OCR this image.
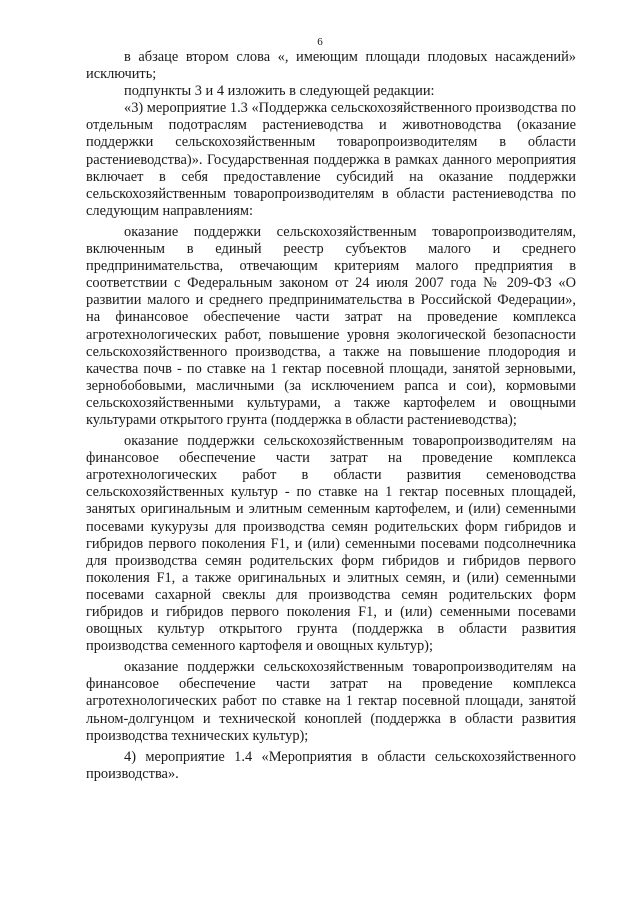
6

в абзаце втором слова «, имеющим площади плодовых насаждений» исключить;

подпункты 3 и 4 изложить в следующей редакции:

«3) мероприятие 1.3 «Поддержка сельскохозяйственного производства по отдельным подотраслям растениеводства и животноводства (оказание поддержки сельскохозяйственным товаропроизводителям в области растениеводства)». Государственная поддержка в рамках данного мероприятия включает в себя предоставление субсидий на оказание поддержки сельскохозяйственным товаропроизводителям в области растениеводства по следующим направлениям:

оказание поддержки сельскохозяйственным товаропроизводителям, включенным в единый реестр субъектов малого и среднего предпринимательства, отвечающим критериям малого предприятия в соответствии с Федеральным законом от 24 июля 2007 года № 209-ФЗ «О развитии малого и среднего предпринимательства в Российской Федерации», на финансовое обеспечение части затрат на проведение комплекса агротехнологических работ, повышение уровня экологической безопасности сельскохозяйственного производства, а также на повышение плодородия и качества почв - по ставке на 1 гектар посевной площади, занятой зерновыми, зернобобовыми, масличными (за исключением рапса и сои), кормовыми сельскохозяйственными культурами, а также картофелем и овощными культурами открытого грунта (поддержка в области растениеводства);

оказание поддержки сельскохозяйственным товаропроизводителям на финансовое обеспечение части затрат на проведение комплекса агротехнологических работ в области развития семеноводства сельскохозяйственных культур - по ставке на 1 гектар посевных площадей, занятых оригинальным и элитным семенным картофелем, и (или) семенными посевами кукурузы для производства семян родительских форм гибридов и гибридов первого поколения F1, и (или) семенными посевами подсолнечника для производства семян родительских форм гибридов и гибридов первого поколения F1, а также оригинальных и элитных семян, и (или) семенными посевами сахарной свеклы для производства семян родительских форм гибридов и гибридов первого поколения F1, и (или) семенными посевами овощных культур открытого грунта (поддержка в области развития производства семенного картофеля и овощных культур);

оказание поддержки сельскохозяйственным товаропроизводителям на финансовое обеспечение части затрат на проведение комплекса агротехнологических работ по ставке на 1 гектар посевной площади, занятой льном-долгунцом и технической коноплей (поддержка в области развития производства технических культур);

4) мероприятие 1.4 «Мероприятия в области сельскохозяйственного производства».
